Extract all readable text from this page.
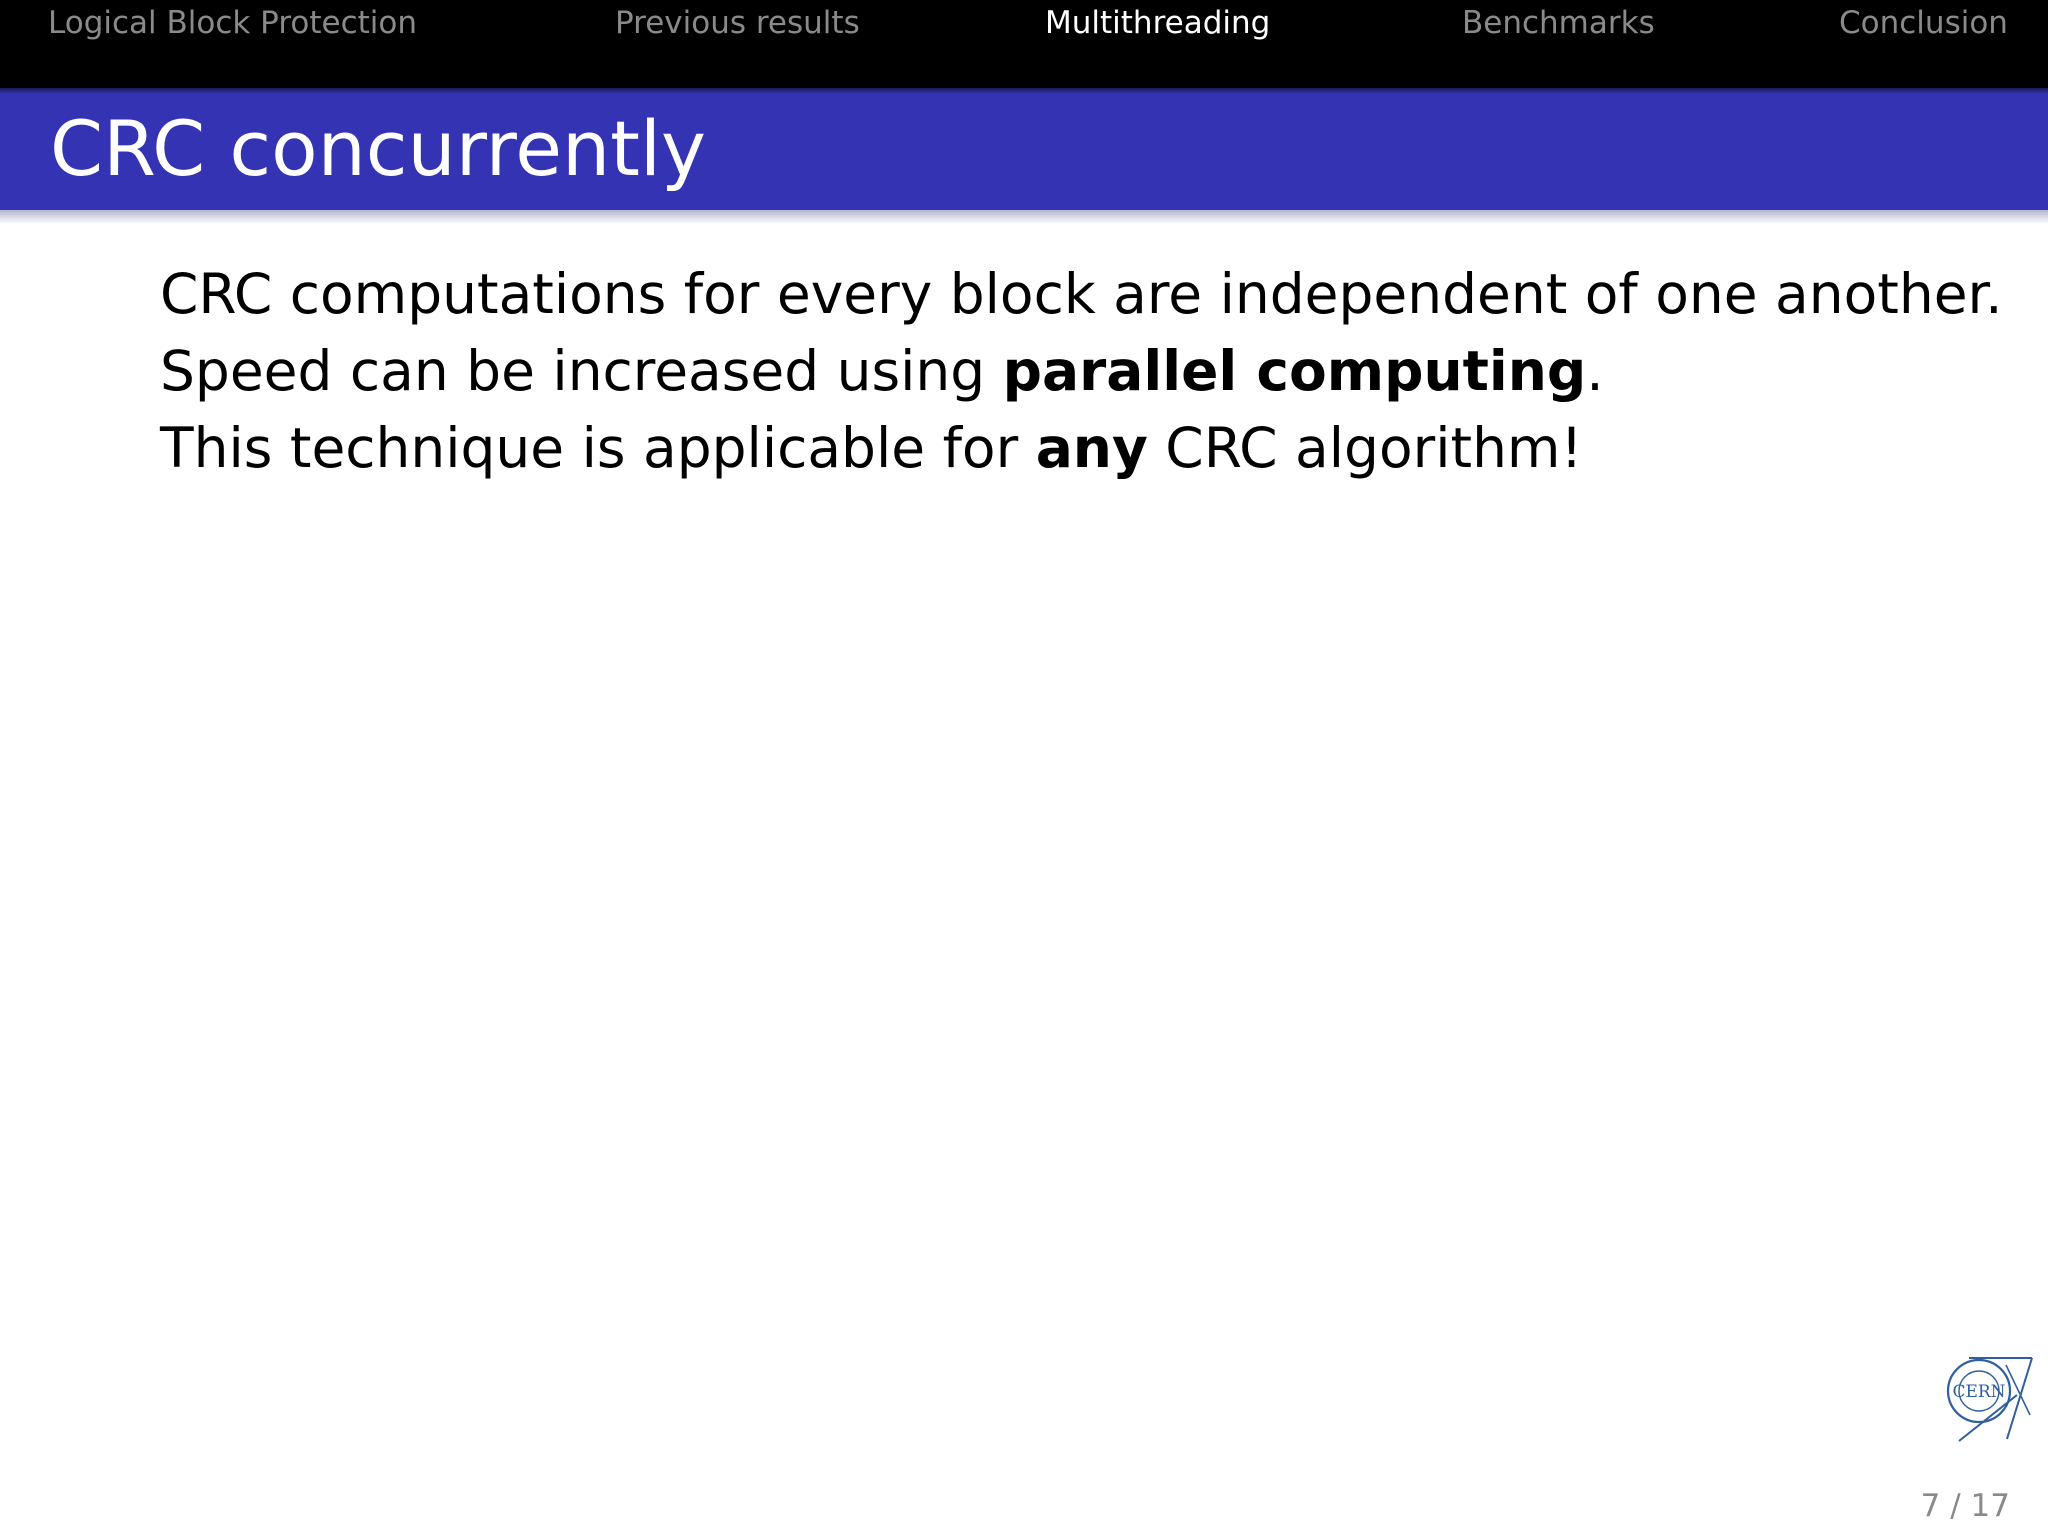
Logical Block Protection	Previous results	Multithreading	Benchmarks	Conclusion
CRC concurrently

CRC computations for every block are independent of one another.

Speed can be increased using parallel computing.

This technique is applicable for any CRC algorithm!

CERN
7 / 17
